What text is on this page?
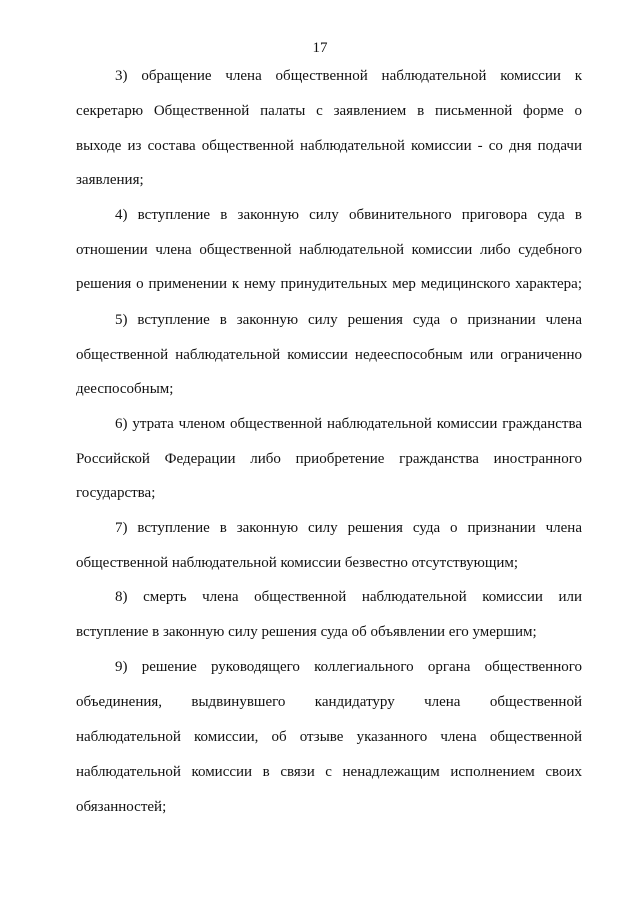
17
3) обращение члена общественной наблюдательной комиссии к
секретарю Общественной палаты с заявлением в письменной форме о
выходе из состава общественной наблюдательной комиссии - со дня подачи
заявления;
4) вступление в законную силу обвинительного приговора суда в
отношении члена общественной наблюдательной комиссии либо судебного
решения о применении к нему принудительных мер медицинского характера;
5) вступление в законную силу решения суда о признании члена
общественной наблюдательной комиссии недееспособным или ограниченно
дееспособным;
6) утрата членом общественной наблюдательной комиссии гражданства
Российской Федерации либо приобретение гражданства иностранного
государства;
7) вступление в законную силу решения суда о признании члена
общественной наблюдательной комиссии безвестно отсутствующим;
8) смерть члена общественной наблюдательной комиссии или
вступление в законную силу решения суда об объявлении его умершим;
9) решение руководящего коллегиального органа общественного
объединения, выдвинувшего кандидатуру члена общественной
наблюдательной комиссии, об отзыве указанного члена общественной
наблюдательной комиссии в связи с ненадлежащим исполнением своих
обязанностей;
